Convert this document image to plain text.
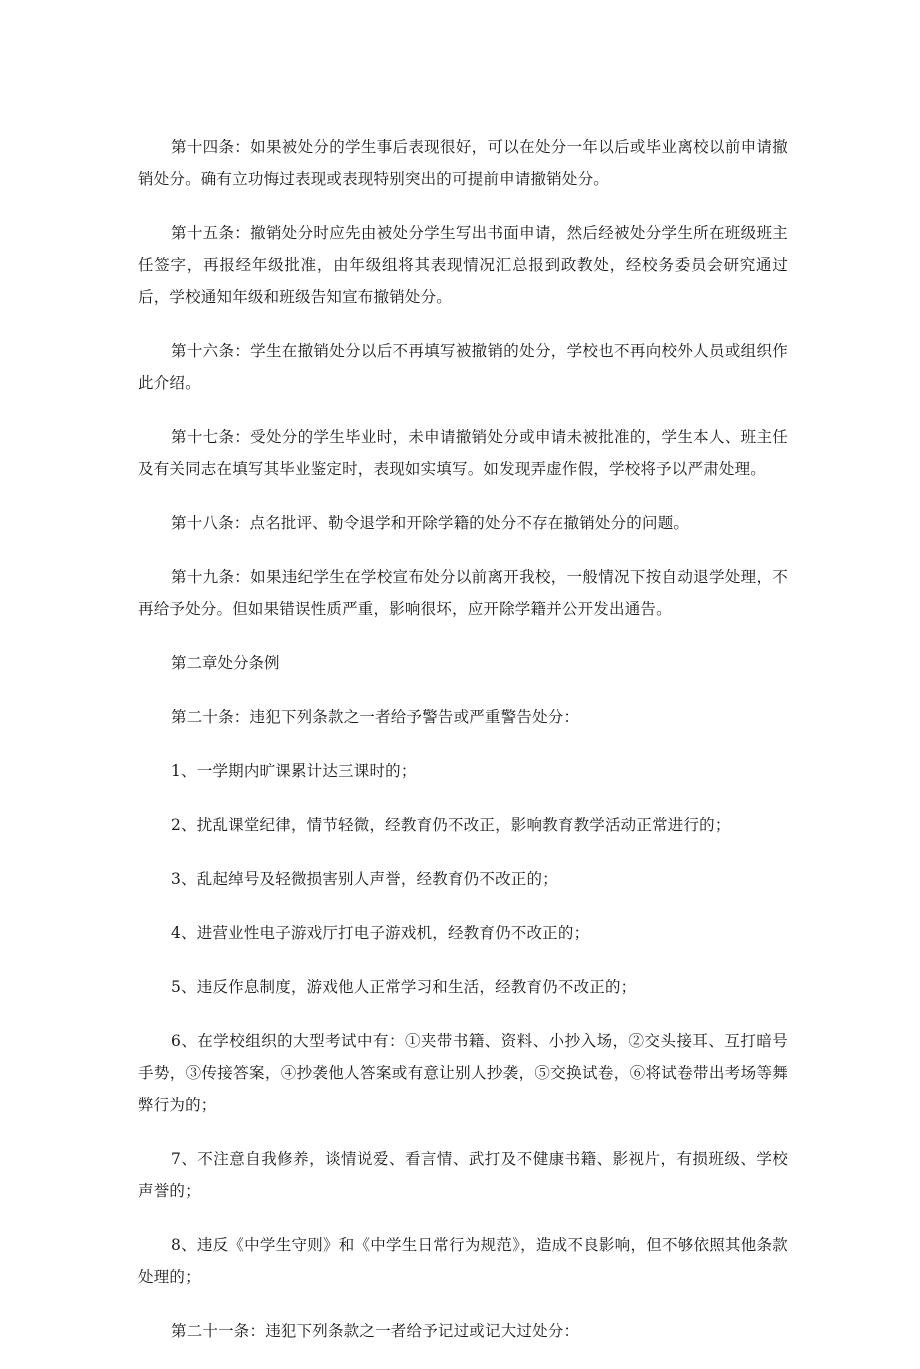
第十四条：如果被处分的学生事后表现很好，可以在处分一年以后或毕业离校以前申请撤销处分。确有立功悔过表现或表现特别突出的可提前申请撤销处分。

第十五条：撤销处分时应先由被处分学生写出书面申请，然后经被处分学生所在班级班主任签字，再报经年级批准，由年级组将其表现情况汇总报到政教处，经校务委员会研究通过后，学校通知年级和班级告知宣布撤销处分。

第十六条：学生在撤销处分以后不再填写被撤销的处分，学校也不再向校外人员或组织作此介绍。

第十七条：受处分的学生毕业时，未申请撤销处分或申请未被批准的，学生本人、班主任及有关同志在填写其毕业鉴定时，表现如实填写。如发现弄虚作假，学校将予以严肃处理。

第十八条：点名批评、勒令退学和开除学籍的处分不存在撤销处分的问题。

第十九条：如果违纪学生在学校宣布处分以前离开我校，一般情况下按自动退学处理，不再给予处分。但如果错误性质严重，影响很坏，应开除学籍并公开发出通告。

第二章处分条例

第二十条：违犯下列条款之一者给予警告或严重警告处分：

1、一学期内旷课累计达三课时的；

2、扰乱课堂纪律，情节轻微，经教育仍不改正，影响教育教学活动正常进行的；

3、乱起绰号及轻微损害别人声誉，经教育仍不改正的；

4、进营业性电子游戏厅打电子游戏机，经教育仍不改正的；

5、违反作息制度，游戏他人正常学习和生活，经教育仍不改正的；

6、在学校组织的大型考试中有：①夹带书籍、资料、小抄入场，②交头接耳、互打暗号手势，③传接答案，④抄袭他人答案或有意让别人抄袭，⑤交换试卷，⑥将试卷带出考场等舞弊行为的；

7、不注意自我修养，谈情说爱、看言情、武打及不健康书籍、影视片，有损班级、学校声誉的；

8、违反《中学生守则》和《中学生日常行为规范》，造成不良影响，但不够依照其他条款处理的；

第二十一条：违犯下列条款之一者给予记过或记大过处分：
